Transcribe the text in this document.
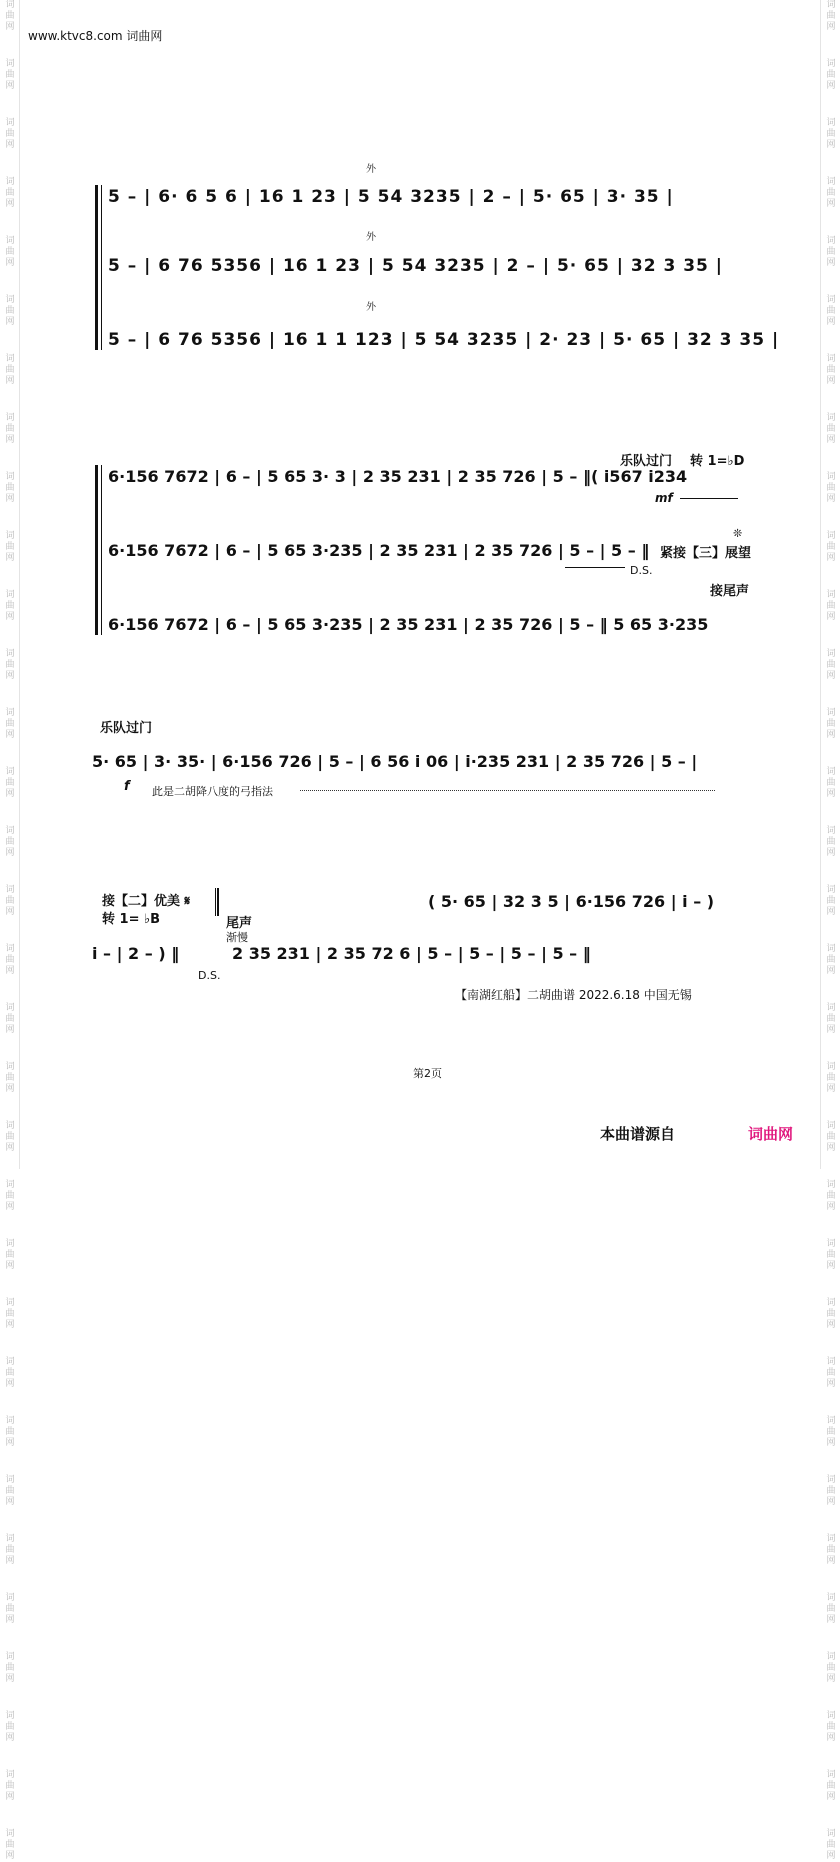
词
曲
网
词
曲
网
词
曲
网
词
曲
网
词
曲
网
词
曲
网
词
曲
网
词
曲
网
词
曲
网
词
曲
网
词
曲
网
词
曲
网
词
曲
网
词
曲
网
词
曲
网
词
曲
网
词
曲
网
词
曲
网
词
曲
网
词
曲
网
词
曲
网
词
曲
网
词
曲
网
词
曲
网
词
曲
网
词
曲
网
词
曲
网
词
曲
网
词
曲
网
词
曲
网
词
曲
网
词
曲
网
词
曲
网
词
曲
网
词
曲
网
词
曲
网
词
曲
网
词
曲
网
词
曲
网
词
曲
网
词
曲
网
词
曲
网
词
曲
网
词
曲
网
词
曲
网
词
曲
网
词
曲
网
词
曲
网
词
曲
网
词
曲
网
词
曲
网
词
曲
网
词
曲
网
词
曲
网
词
曲
网
词
曲
网
词
曲
网
词
曲
网
词
曲
网
词
曲
网
词
曲
网
词
曲
网
词
曲
网
词
曲
网
www.ktvc8.com 词曲网
5 – | 6· 6 5 6 | 16 1 23 | 5 54 3235 | 2 – | 5· 65 | 3· 35 |
5 – | 6 76 5356 | 16 1 23 | 5 54 3235 | 2 – | 5· 65 | 32 3 35 |
5 – | 6 76 5356 | 16 1 1 123 | 5 54 3235 | 2· 23 | 5· 65 | 32 3 35 |
外
外
外
乐队过门 转 1=♭D
6·156 7672 | 6 – | 5 65 3· 3 | 2 35 231 | 2 35 726 | 5 – ‖( i567 i234
mf
❊
6·156 7672 | 6 – | 5 65 3·235 | 2 35 231 | 2 35 726 | 5 – | 5 – ‖ 紧接【三】展望
D.S.
接尾声
6·156 7672 | 6 – | 5 65 3·235 | 2 35 231 | 2 35 726 | 5 – ‖ 5 65 3·235
乐队过门
5· 65 | 3· 35· | 6·156 726 | 5 – | 6 56 i 06 | i·235 231 | 2 35 726 | 5 – |
f 此是二胡降八度的弓指法
接【二】优美 𝄋
转 1= ♭B
( 5· 65 | 32 3 5 | 6·156 726 | i – )
尾声
渐慢
i – | 2 – ) ‖
D.S.
2 35 231 | 2 35 72 6 | 5 – | 5 – | 5 – | 5 – ‖
【南湖红船】二胡曲谱 2022.6.18 中国无锡
第2页
本曲谱源自	词曲网
